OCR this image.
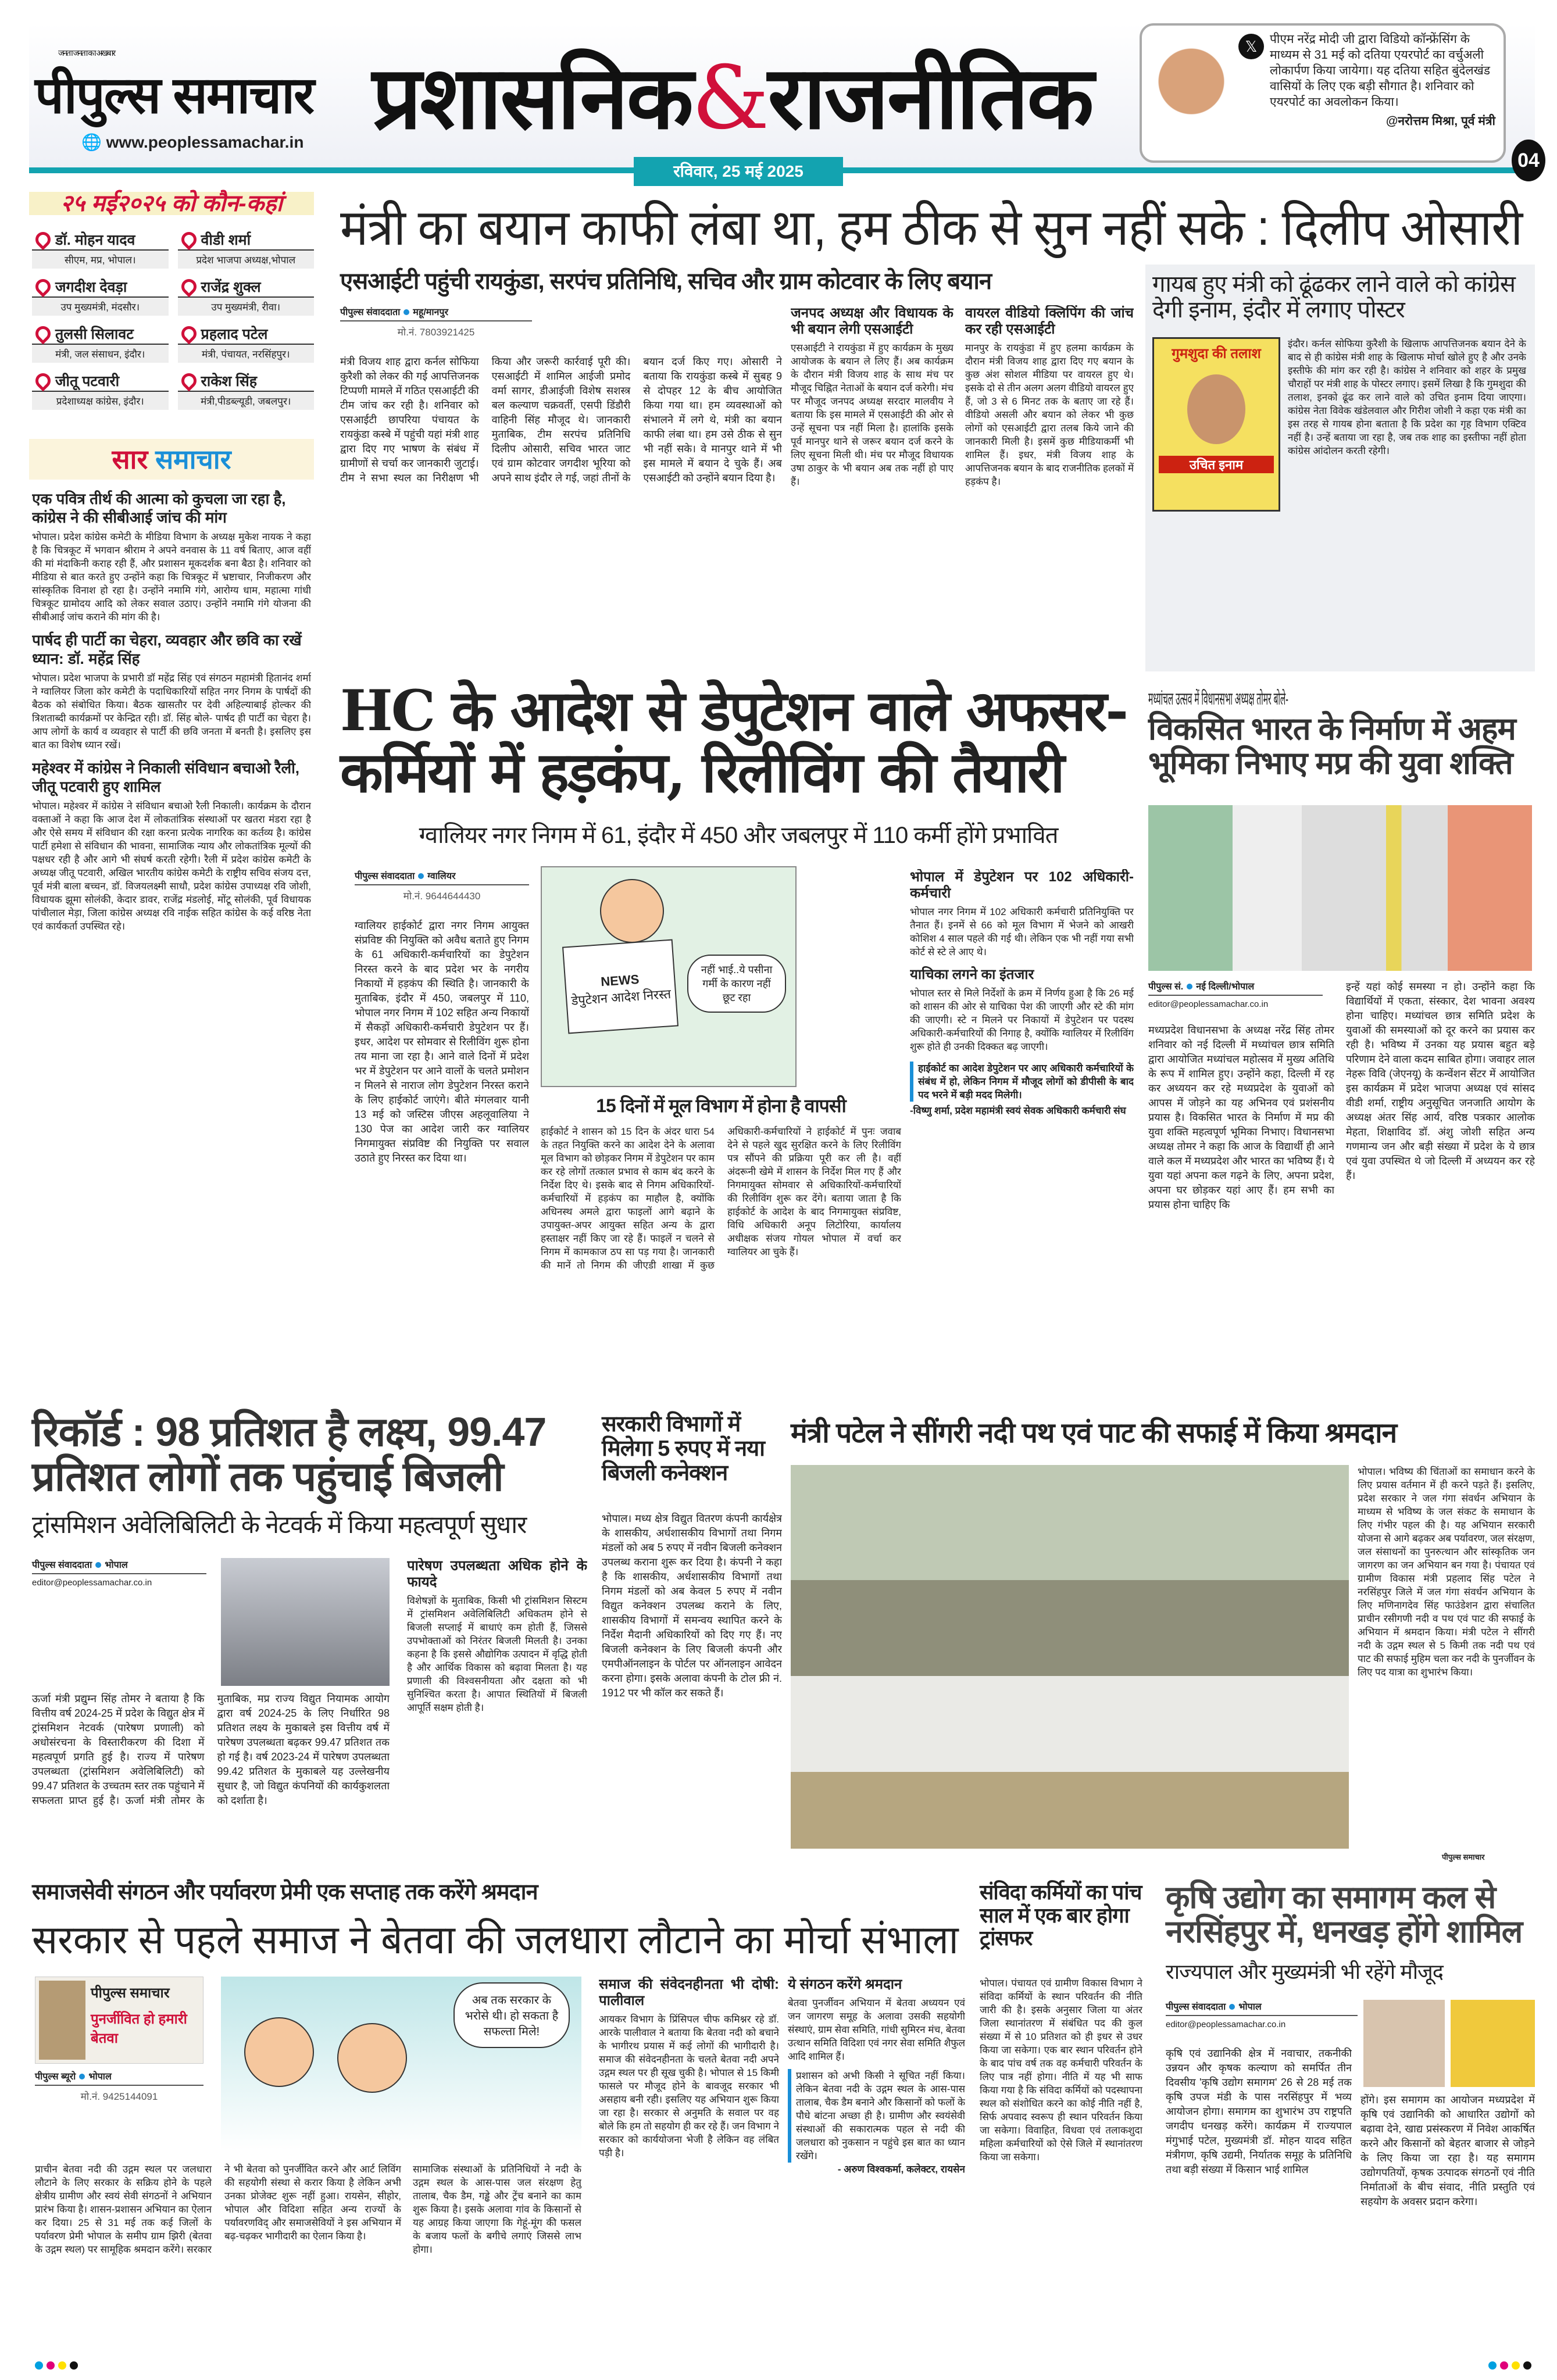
जनता जनता का अखबार
पीपुल्स समाचार प्रशासनिक&राजनीतिक
🌐 www.peoplessamachar.in
रविवार, 25 मई 2025
𝕏	पीएम नरेंद्र मोदी जी द्वारा विडियो कॉन्फ्रेंसिंग के माध्यम से 31 मई को दतिया एयरपोर्ट का वर्चुअली लोकार्पण किया जायेगा। यह दतिया सहित बुंदेलखंड वासियों के लिए एक बड़ी सौगात है। शनिवार को एयरपोर्ट का अवलोकन किया।
@नरोत्तम मिश्रा, पूर्व मंत्री
04
२५ मई२०२५ को कौन-कहां
डॉ. मोहन यादव
सीएम, मप्र, भोपाल।
वीडी शर्मा
प्रदेश भाजपा अध्यक्ष,भोपाल
जगदीश देवड़ा
उप मुख्यमंत्री, मंदसौर।
राजेंद्र शुक्ल
उप मुख्यमंत्री, रीवा।
तुलसी सिलावट
मंत्री, जल संसाधन, इंदौर।
प्रहलाद पटेल
मंत्री, पंचायत, नरसिंहपुर।
जीतू पटवारी
प्रदेशाध्यक्ष कांग्रेस, इंदौर।
राकेश सिंह
मंत्री,पीडब्ल्यूडी, जबलपुर।
सार समाचार
एक पवित्र तीर्थ की आत्मा को कुचला जा रहा है, कांग्रेस ने की सीबीआई जांच की मांग

भोपाल। प्रदेश कांग्रेस कमेटी के मीडिया विभाग के अध्यक्ष मुकेश नायक ने कहा है कि चित्रकूट में भगवान श्रीराम ने अपने वनवास के 11 वर्ष बिताए, आज वहीं की मां मंदाकिनी कराह रही हैं, और प्रशासन मूकदर्शक बना बैठा है। शनिवार को मीडिया से बात करते हुए उन्होंने कहा कि चित्रकूट में भ्रष्टाचार, निजीकरण और सांस्कृतिक विनाश हो रहा है। उन्होंने नमामि गंगे, आरोग्य धाम, महात्मा गांधी चित्रकूट ग्रामोदय आदि को लेकर सवाल उठाए। उन्होंने नमामि गंगे योजना की सीबीआई जांच कराने की मांग की है।

पार्षद ही पार्टी का चेहरा, व्यवहार और छवि का रखें ध्यान: डॉ. महेंद्र सिंह

भोपाल। प्रदेश भाजपा के प्रभारी डॉ महेंद्र सिंह एवं संगठन महामंत्री हितानंद शर्मा ने ग्वालियर जिला कोर कमेटी के पदाधिकारियों सहित नगर निगम के पार्षदों की बैठक को संबोधित किया। बैठक खासतौर पर देवी अहिल्याबाई होल्कर की त्रिशताब्दी कार्यक्रमों पर केन्द्रित रही। डॉ. सिंह बोले- पार्षद ही पार्टी का चेहरा है। आप लोगों के कार्य व व्यवहार से पार्टी की छवि जनता में बनती है। इसलिए इस बात का विशेष ध्यान रखें।

महेश्वर में कांग्रेस ने निकाली संविधान बचाओ रैली, जीतू पटवारी हुए शामिल

भोपाल। महेश्वर में कांग्रेस ने संविधान बचाओ रैली निकाली। कार्यक्रम के दौरान वक्ताओं ने कहा कि आज देश में लोकतांत्रिक संस्थाओं पर खतरा मंडरा रहा है और ऐसे समय में संविधान की रक्षा करना प्रत्येक नागरिक का कर्तव्य है। कांग्रेस पार्टी हमेशा से संविधान की भावना, सामाजिक न्याय और लोकतांत्रिक मूल्यों की पक्षधर रही है और आगे भी संघर्ष करती रहेगी। रैली में प्रदेश कांग्रेस कमेटी के अध्यक्ष जीतू पटवारी, अखिल भारतीय कांग्रेस कमेटी के राष्ट्रीय सचिव संजय दत्त, पूर्व मंत्री बाला बच्चन, डॉ. विजयलक्ष्मी साधौ, प्रदेश कांग्रेस उपाध्यक्ष रवि जोशी, विधायक झूमा सोलंकी, केदार डावर, राजेंद्र मंडलोई, मोंटू सोलंकी, पूर्व विधायक पांचीलाल मेड़ा, जिला कांग्रेस अध्यक्ष रवि नाईक सहित कांग्रेस के कई वरिष्ठ नेता एवं कार्यकर्ता उपस्थित रहे।

मंत्री का बयान काफी लंबा था, हम ठीक से सुन नहीं सके : दिलीप ओसारी
एसआईटी पहुंची रायकुंडा, सरपंच प्रतिनिधि, सचिव और ग्राम कोटवार के लिए बयान
पीपुल्स संवाददाता महू/मानपुर
मो.नं. 7803921425
मंत्री विजय शाह द्वारा कर्नल सोफिया कुरैशी को लेकर की गई आपत्तिजनक टिप्पणी मामले में गठित एसआईटी की टीम जांच कर रही है। शनिवार को एसआईटी छापरिया पंचायत के रायकुंडा कस्बे में पहुंची यहां मंत्री शाह द्वारा दिए गए भाषण के संबंध में ग्रामीणों से चर्चा कर जानकारी जुटाई। टीम ने सभा स्थल का निरीक्षण भी किया और जरूरी कार्रवाई पूरी की। एसआईटी में शामिल आईजी प्रमोद वर्मा सागर, डीआईजी विशेष सशस्त्र बल कल्याण चक्रवर्ती, एसपी डिंडौरी वाहिनी सिंह मौजूद थे। जानकारी मुताबिक, टीम सरपंच प्रतिनिधि दिलीप ओसारी, सचिव भारत जाट एवं ग्राम कोटवार जगदीश भूरिया को अपने साथ इंदौर ले गई, जहां तीनों के बयान दर्ज किए गए। ओसारी ने बताया कि रायकुंडा कस्बे में सुबह 9 से दोपहर 12 के बीच आयोजित किया गया था। हम व्यवस्थाओं को संभालने में लगे थे, मंत्री का बयान काफी लंबा था। हम उसे ठीक से सुन भी नहीं सके। वे मानपुर थाने में भी इस मामले में बयान दे चुके हैं। अब एसआईटी को उन्होंने बयान दिया है।
जनपद अध्यक्ष और विधायक के भी बयान लेगी एसआईटी
एसआईटी ने रायकुंडा में हुए कार्यक्रम के मुख्य आयोजक के बयान ले लिए हैं। अब कार्यक्रम के दौरान मंत्री विजय शाह के साथ मंच पर मौजूद चिह्नित नेताओं के बयान दर्ज करेगी। मंच पर मौजूद जनपद अध्यक्ष सरदार मालवीय ने बताया कि इस मामले में एसआईटी की ओर से उन्हें सूचना पत्र नहीं मिला है। हालांकि इसके पूर्व मानपुर थाने से जरूर बयान दर्ज करने के लिए सूचना मिली थी। मंच पर मौजूद विधायक उषा ठाकुर के भी बयान अब तक नहीं हो पाए हैं।
वायरल वीडियो क्लिपिंग की जांच कर रही एसआईटी
मानपुर के रायकुंडा में हुए हलमा कार्यक्रम के दौरान मंत्री विजय शाह द्वारा दिए गए बयान के कुछ अंश सोशल मीडिया पर वायरल हुए थे। इसके दो से तीन अलग अलग वीडियो वायरल हुए हैं, जो 3 से 6 मिनट तक के बताए जा रहे हैं। वीडियो असली और बयान को लेकर भी कुछ लोगों को एसआईटी द्वारा तलब किये जाने की जानकारी मिली है। इसमें कुछ मीडियाकर्मी भी शामिल हैं। इधर, मंत्री विजय शाह के आपत्तिजनक बयान के बाद राजनीतिक हलकों में हड़कंप है।
गायब हुए मंत्री को ढूंढकर लाने वाले को कांग्रेस देगी इनाम, इंदौर में लगाए पोस्टर
गुमशुदा की तलाश
उचित इनाम
इंदौर। कर्नल सोफिया कुरैशी के खिलाफ आपत्तिजनक बयान देने के बाद से ही कांग्रेस मंत्री शाह के खिलाफ मोर्चा खोले हुए है और उनके इस्तीफे की मांग कर रही है। कांग्रेस ने शनिवार को शहर के प्रमुख चौराहों पर मंत्री शाह के पोस्टर लगाए। इसमें लिखा है कि गुमशुदा की तलाश, इनको ढूंढ कर लाने वाले को उचित इनाम दिया जाएगा। कांग्रेस नेता विवेक खंडेलवाल और गिरीश जोशी ने कहा एक मंत्री का इस तरह से गायब होना बताता है कि प्रदेश का गृह विभाग एक्टिव नहीं है। उन्हें बताया जा रहा है, जब तक शाह का इस्तीफा नहीं होता कांग्रेस आंदोलन करती रहेगी।
HC के आदेश से डेपुटेशन वाले अफसर-कर्मियों में हड़कंप, रिलीविंग की तैयारी
ग्वालियर नगर निगम में 61, इंदौर में 450 और जबलपुर में 110 कर्मी होंगे प्रभावित
पीपुल्स संवाददाता ग्वालियर
मो.नं. 9644644430
ग्वालियर हाईकोर्ट द्वारा नगर निगम आयुक्त संप्रविष्ट की नियुक्ति को अवैध बताते हुए निगम के 61 अधिकारी-कर्मचारियों का डेपुटेशन निरस्त करने के बाद प्रदेश भर के नगरीय निकायों में हड़कंप की स्थिति है। जानकारी के मुताबिक, इंदौर में 450, जबलपुर में 110, भोपाल नगर निगम में 102 सहित अन्य निकायों में सैकड़ों अधिकारी-कर्मचारी डेपुटेशन पर हैं। इधर, आदेश पर सोमवार से रिलीविंग शुरू होना तय माना जा रहा है। आने वाले दिनों में प्रदेश भर में डेपुटेशन पर आने वालों के चलते प्रमोशन न मिलने से नाराज लोग डेपुटेशन निरस्त कराने के लिए हाईकोर्ट जाएंगे। बीते मंगलवार यानी 13 मई को जस्टिस जीएस अहलूवालिया ने 130 पेज का आदेश जारी कर ग्वालियर निगमायुक्त संप्रविष्ट की नियुक्ति पर सवाल उठाते हुए निरस्त कर दिया था।
NEWS
डेपुटेशन आदेश निरस्त
नहीं भाई..ये पसीना गर्मी के कारण नहीं छूट रहा
15 दिनों में मूल विभाग में होना है वापसी
हाईकोर्ट ने शासन को 15 दिन के अंदर धारा 54 के तहत नियुक्ति करने का आदेश देने के अलावा मूल विभाग को छोड़कर निगम में डेपुटेशन पर काम कर रहे लोगों तत्काल प्रभाव से काम बंद करने के निर्देश दिए थे। इसके बाद से निगम अधिकारियों-कर्मचारियों में हड़कंप का माहौल है, क्योंकि अधिनस्थ अमले द्वारा फाइलों आगे बढ़ाने के उपायुक्त-अपर आयुक्त सहित अन्य के द्वारा हस्ताक्षर नहीं किए जा रहे हैं। फाइलें न चलने से निगम में कामकाज ठप सा पड़ गया है। जानकारी की मानें तो निगम की जीएडी शाखा में कुछ अधिकारी-कर्मचारियों ने हाईकोर्ट में पुनः जवाब देने से पहले खुद सुरक्षित करने के लिए रिलीविंग पत्र सौंपने की प्रक्रिया पूरी कर ली है। वहीं अंदरूनी खेमे में शासन के निर्देश मिल गए हैं और निगमायुक्त सोमवार से अधिकारियों-कर्मचारियों की रिलीविंग शुरू कर देंगे। बताया जाता है कि हाईकोर्ट के आदेश के बाद निगमायुक्त संप्रविष्ट, विधि अधिकारी अनूप लिटोरिया, कार्यालय अधीक्षक संजय गोयल भोपाल में वर्चा कर ग्वालियर आ चुके हैं।
भोपाल में डेपुटेशन पर 102 अधिकारी-कर्मचारी
भोपाल नगर निगम में 102 अधिकारी कर्मचारी प्रतिनियुक्ति पर तैनात हैं। इनमें से 66 को मूल विभाग में भेजने को आखरी कोशिश 4 साल पहले की गई थी। लेकिन एक भी नहीं गया सभी कोर्ट से स्टे ले आए थे।
याचिका लगने का इंतजार
भोपाल स्तर से मिले निर्देशों के क्रम में निर्णय हुआ है कि 26 मई को शासन की ओर से याचिका पेश की जाएगी और स्टे की मांग की जाएगी। स्टे न मिलने पर निकायों में डेपुटेशन पर पदस्थ अधिकारी-कर्मचारियों की निगाह है, क्योंकि ग्वालियर में रिलीविंग शुरू होते ही उनकी दिक्कत बढ़ जाएगी।
हाईकोर्ट का आदेश डेपुटेशन पर आए अधिकारी कर्मचारियों के संबंध में हो, लेकिन निगम में मौजूद लोगों को डीपीसी के बाद पद भरने में बड़ी मदद मिलेगी।
-विष्णु शर्मा, प्रदेश महामंत्री स्वयं सेवक अधिकारी कर्मचारी संघ
मध्यांचल उत्सव में विधानसभा अध्यक्ष तोमर बोले-
विकसित भारत के निर्माण में अहम भूमिका निभाए मप्र की युवा शक्ति
पीपुल्स सं. नई दिल्ली/भोपाल
editor@peoplessamachar.co.in
मध्यप्रदेश विधानसभा के अध्यक्ष नरेंद्र सिंह तोमर शनिवार को नई दिल्ली में मध्यांचल छात्र समिति द्वारा आयोजित मध्यांचल महोत्सव में मुख्य अतिथि के रूप में शामिल हुए। उन्होंने कहा, दिल्ली में रह कर अध्ययन कर रहे मध्यप्रदेश के युवाओं को आपस में जोड़ने का यह अभिनव एवं प्रशंसनीय प्रयास है। विकसित भारत के निर्माण में मप्र की युवा शक्ति महत्वपूर्ण भूमिका निभाए। विधानसभा अध्यक्ष तोमर ने कहा कि आज के विद्यार्थी ही आने वाले कल में मध्यप्रदेश और भारत का भविष्य हैं। ये युवा यहां अपना कल गढ़ने के लिए, अपना प्रदेश, अपना घर छोड़कर यहां आए हैं। हम सभी का प्रयास होना चाहिए कि
इन्हें यहां कोई समस्या न हो। उन्होंने कहा कि विद्यार्थियों में एकता, संस्कार, देश भावना अवश्य होना चाहिए। मध्यांचल छात्र समिति प्रदेश के युवाओं की समस्याओं को दूर करने का प्रयास कर रही है। भविष्य में उनका यह प्रयास बहुत बड़े परिणाम देने वाला कदम साबित होगा। जवाहर लाल नेहरू विवि (जेएनयू) के कन्वेंशन सेंटर में आयोजित इस कार्यक्रम में प्रदेश भाजपा अध्यक्ष एवं सांसद वीडी शर्मा, राष्ट्रीय अनुसूचित जनजाति आयोग के अध्यक्ष अंतर सिंह आर्य, वरिष्ठ पत्रकार आलोक मेहता, शिक्षाविद डॉ. अंशु जोशी सहित अन्य गणमान्य जन और बड़ी संख्या में प्रदेश के ये छात्र एवं युवा उपस्थित थे जो दिल्ली में अध्ययन कर रहे हैं।
रिकॉर्ड : 98 प्रतिशत है लक्ष्य, 99.47 प्रतिशत लोगों तक पहुंचाई बिजली
ट्रांसमिशन अवेलिबिलिटी के नेटवर्क में किया महत्वपूर्ण सुधार
पीपुल्स संवाददाता भोपाल
editor@peoplessamachar.co.in
ऊर्जा मंत्री प्रद्युम्न सिंह तोमर ने बताया है कि वित्तीय वर्ष 2024-25 में प्रदेश के विद्युत क्षेत्र में ट्रांसमिशन नेटवर्क (पारेषण प्रणाली) को अधोसंरचना के विस्तारीकरण की दिशा में महत्वपूर्ण प्रगति हुई है। राज्य में पारेषण उपलब्धता (ट्रांसमिशन अवेलिबिलिटी) को 99.47 प्रतिशत के उच्चतम स्तर तक पहुंचाने में सफलता प्राप्त हुई है। ऊर्जा मंत्री तोमर के मुताबिक, मप्र राज्य विद्युत नियामक आयोग द्वारा वर्ष 2024-25 के लिए निर्धारित 98 प्रतिशत लक्ष्य के मुकाबले इस वित्तीय वर्ष में पारेषण उपलब्धता बढ़कर 99.47 प्रतिशत तक हो गई है। वर्ष 2023-24 में पारेषण उपलब्धता 99.42 प्रतिशत के मुकाबले यह उल्लेखनीय सुधार है, जो विद्युत कंपनियों की कार्यकुशलता को दर्शाता है।
पारेषण उपलब्धता अधिक होने के फायदे
विशेषज्ञों के मुताबिक, किसी भी ट्रांसमिशन सिस्टम में ट्रांसमिशन अवेलिबिलिटी अधिकतम होने से बिजली सप्लाई में बाधाएं कम होती हैं, जिससे उपभोक्ताओं को निरंतर बिजली मिलती है। उनका कहना है कि इससे औद्योगिक उत्पादन में वृद्धि होती है और आर्थिक विकास को बढ़ावा मिलता है। यह प्रणाली की विश्वसनीयता और दक्षता को भी सुनिश्चित करता है। आपात स्थितियों में बिजली आपूर्ति सक्षम होती है।
सरकारी विभागों में मिलेगा 5 रुपए में नया बिजली कनेक्शन
भोपाल। मध्य क्षेत्र विद्युत वितरण कंपनी कार्यक्षेत्र के शासकीय, अर्धशासकीय विभागों तथा निगम मंडलों को अब 5 रुपए में नवीन बिजली कनेक्शन उपलब्ध कराना शुरू कर दिया है। कंपनी ने कहा है कि शासकीय, अर्धशासकीय विभागों तथा निगम मंडलों को अब केवल 5 रुपए में नवीन विद्युत कनेक्शन उपलब्ध कराने के लिए, शासकीय विभागों में समन्वय स्थापित करने के निर्देश मैदानी अधिकारियों को दिए गए हैं। नए बिजली कनेक्शन के लिए बिजली कंपनी और एमपीऑनलाइन के पोर्टल पर ऑनलाइन आवेदन करना होगा। इसके अलावा कंपनी के टोल फ्री नं. 1912 पर भी कॉल कर सकते हैं।
मंत्री पटेल ने सींगरी नदी पथ एवं पाट की सफाई में किया श्रमदान
पीपुल्स समाचार
भोपाल। भविष्य की चिंताओं का समाधान करने के लिए प्रयास वर्तमान में ही करने पड़ते हैं। इसलिए, प्रदेश सरकार ने जल गंगा संवर्धन अभियान के माध्यम से भविष्य के जल संकट के समाधान के लिए गंभीर पहल की है। यह अभियान सरकारी योजना से आगे बढ़कर अब पर्यावरण, जल संरक्षण, जल संसाधनों का पुनरुत्थान और सांस्कृतिक जन जागरण का जन अभियान बन गया है। पंचायत एवं ग्रामीण विकास मंत्री प्रहलाद सिंह पटेल ने नरसिंहपुर जिले में जल गंगा संवर्धन अभियान के लिए मणिनागदेव सिंह फाउंडेशन द्वारा संचालित प्राचीन रसीगणी नदी व पथ एवं पाट की सफाई के अभियान में श्रमदान किया। मंत्री पटेल ने सींगरी नदी के उद्गम स्थल से 5 किमी तक नदी पथ एवं पाट की सफाई मुहिम चला कर नदी के पुनर्जीवन के लिए पद यात्रा का शुभारंभ किया।
समाजसेवी संगठन और पर्यावरण प्रेमी एक सप्ताह तक करेंगे श्रमदान
सरकार से पहले समाज ने बेतवा की जलधारा लौटाने का मोर्चा संभाला
पीपुल्स समाचार
पुनर्जीवित हो हमारी बेतवा
पीपुल्स ब्यूरो भोपाल
मो.नं. 9425144091
अब तक सरकार के भरोसे थी। हो सकता है सफल्ता मिले!
प्राचीन बेतवा नदी की उद्गम स्थल पर जलधारा लौटाने के लिए सरकार के सक्रिय होने के पहले क्षेत्रीय ग्रामीण और स्वयं सेवी संगठनों ने अभियान प्रारंभ किया है। शासन-प्रशासन अभियान का ऐलान कर दिया। 25 से 31 मई तक कई जिलों के पर्यावरण प्रेमी भोपाल के समीप ग्राम झिरी (बेतवा के उद्गम स्थल) पर सामूहिक श्रमदान करेंगे। सरकार ने भी बेतवा को पुनर्जीवित करने और आर्ट लिविंग की सहयोगी संस्था से करार किया है लेकिन अभी उनका प्रोजेक्ट शुरू नहीं हुआ। रायसेन, सीहोर, भोपाल और विदिशा सहित अन्य राज्यों के पर्यावरणविद् और समाजसेवियों ने इस अभियान में बढ़-चढ़कर भागीदारी का ऐलान किया है।
सामाजिक संस्थाओं के प्रतिनिधियों ने नदी के उद्गम स्थल के आस-पास जल संरक्षण हेतु तालाब, चैक डैम, गड्ढे और ट्रेंच बनाने का काम शुरू किया है। इसके अलावा गांव के किसानों से यह आग्रह किया जाएगा कि गेहूं-मूंग की फसल के बजाय फलों के बगीचे लगाएं जिससे लाभ होगा।
समाज की संवेदनहीनता भी दोषी: पालीवाल
आयकर विभाग के प्रिंसिपल चीफ कमिश्नर रहे डॉ. आरके पालीवाल ने बताया कि बेतवा नदी को बचाने के भागीरथ प्रयास में कई लोगों की भागीदारी है। समाज की संवेदनहीनता के चलते बेतवा नदी अपने उद्गम स्थल पर ही सूख चुकी है। भोपाल से 15 किमी फासले पर मौजूद होने के बावजूद सरकार भी असहाय बनी रही। इसलिए यह अभियान शुरू किया जा रहा है। सरकार से अनुमति के सवाल पर वह बोले कि हम तो सहयोग ही कर रहे हैं। जन विभाग ने सरकार को कार्ययोजना भेजी है लेकिन वह लंबित पड़ी है।
ये संगठन करेंगे श्रमदान
बेतवा पुनर्जीवन अभियान में बेतवा अध्ययन एवं जन जागरण समूह के अलावा उसकी सहयोगी संस्थाएं, ग्राम सेवा समिति, गांधी सुमिरन मंच, बेतवा उत्थान समिति विदिशा एवं नगर सेवा समिति शैफुल आदि शामिल हैं।
प्रशासन को अभी किसी ने सूचित नहीं किया। लेकिन बेतवा नदी के उद्गम स्थल के आस-पास तालाब, चैक डैम बनाने और किसानों को फलों के पौधे बांटना अच्छा ही है। ग्रामीण और स्वयंसेवी संस्थाओं की सकारात्मक पहल से नदी की जलधारा को नुकसान न पहुंचे इस बात का ध्यान रखेंगे।
- अरुण विश्वकर्मा, कलेक्टर, रायसेन
संविदा कर्मियों का पांच साल में एक बार होगा ट्रांसफर
भोपाल। पंचायत एवं ग्रामीण विकास विभाग ने संविदा कर्मियों के स्थान परिवर्तन की नीति जारी की है। इसके अनुसार जिला या अंतर जिला स्थानांतरण में संबंधित पद की कुल संख्या में से 10 प्रतिशत को ही इधर से उधर किया जा सकेगा। एक बार स्थान परिवर्तन होने के बाद पांच वर्ष तक वह कर्मचारी परिवर्तन के लिए पात्र नहीं होगा। नीति में यह भी साफ किया गया है कि संविदा कर्मियों को पदस्थापना स्थल को संशोधित करने का कोई नीति नहीं है, सिर्फ अपवाद स्वरूप ही स्थान परिवर्तन किया जा सकेगा। विवाहित, विधवा एवं तलाकशुदा महिला कर्मचारियों को ऐसे जिले में स्थानांतरण किया जा सकेगा।
कृषि उद्योग का समागम कल से नरसिंहपुर में, धनखड़ होंगे शामिल
राज्यपाल और मुख्यमंत्री भी रहेंगे मौजूद
पीपुल्स संवाददाता भोपाल
editor@peoplessamachar.co.in
कृषि एवं उद्यानिकी क्षेत्र में नवाचार, तकनीकी उन्नयन और कृषक कल्याण को समर्पित तीन दिवसीय 'कृषि उद्योग समागम' 26 से 28 मई तक कृषि उपज मंडी के पास नरसिंहपुर में भव्य आयोजन होगा। समागम का शुभारंभ उप राष्ट्रपति जगदीप धनखड़ करेंगे। कार्यक्रम में राज्यपाल मंगुभाई पटेल, मुख्यमंत्री डॉ. मोहन यादव सहित मंत्रीगण, कृषि उद्यमी, निर्यातक समूह के प्रतिनिधि तथा बड़ी संख्या में किसान भाई शामिल
होंगे। इस समागम का आयोजन मध्यप्रदेश में कृषि एवं उद्यानिकी को आधारित उद्योगों को बढ़ावा देने, खाद्य प्रसंस्करण में निवेश आकर्षित करने और किसानों को बेहतर बाजार से जोड़ने के लिए किया जा रहा है। यह समागम उद्योगपतियों, कृषक उत्पादक संगठनों एवं नीति निर्माताओं के बीच संवाद, नीति प्रस्तुति एवं सहयोग के अवसर प्रदान करेगा।
